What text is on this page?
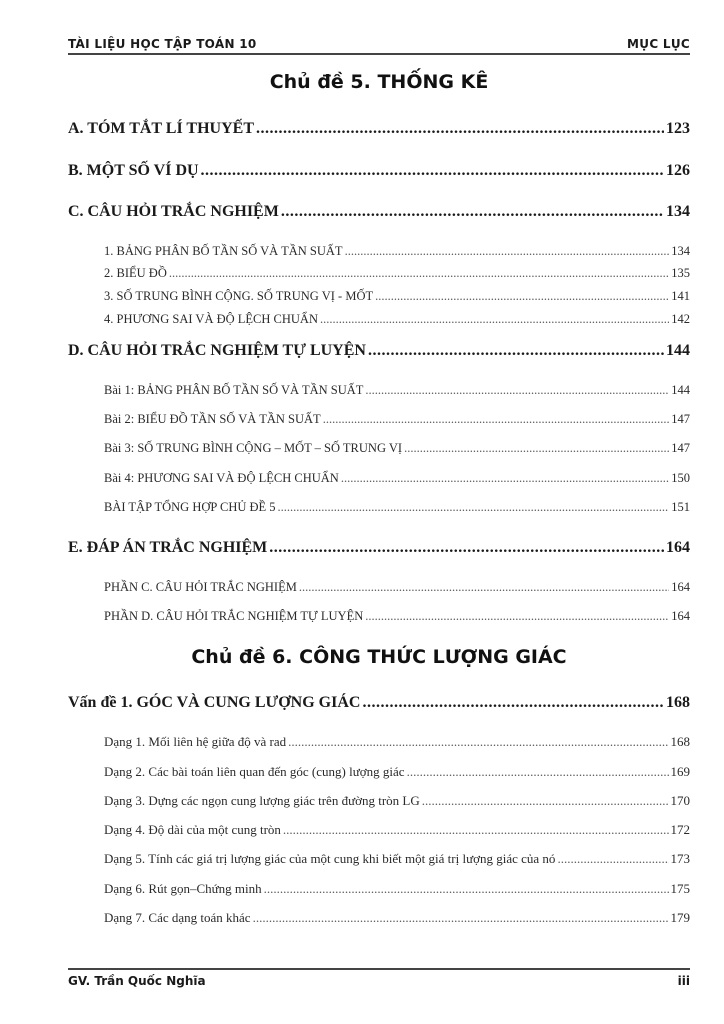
TÀI LIỆU HỌC TẬP TOÁN 10	MỤC LỤC
Chủ đề 5. THỐNG KÊ
A. TÓM TẮT LÍ THUYẾT .....	123
B. MỘT SỐ VÍ DỤ .....	126
C. CÂU HỎI TRẮC NGHIỆM .....	134
1. BẢNG PHÂN BỐ TẦN SỐ VÀ TẦN SUẤT .....	134
2. BIỂU ĐỒ .....	135
3. SỐ TRUNG BÌNH CỘNG. SỐ TRUNG VỊ - MỐT .....	141
4. PHƯƠNG SAI VÀ ĐỘ LỆCH CHUẨN .....	142
D. CÂU HỎI TRẮC NGHIỆM TỰ LUYỆN .....	144
Bài 1: BẢNG PHÂN BỐ TẦN SỐ VÀ TẦN SUẤT .....	144
Bài 2: BIỂU ĐỒ TẦN SỐ VÀ TẦN SUẤT .....	147
Bài 3: SỐ TRUNG BÌNH CỘNG – MỐT – SỐ TRUNG VỊ .....	147
Bài 4: PHƯƠNG SAI VÀ ĐỘ LỆCH CHUẨN .....	150
BÀI TẬP TỔNG HỢP CHỦ ĐỀ 5 .....	151
E. ĐÁP ÁN TRẮC NGHIỆM .....	164
PHẦN C. CÂU HỎI TRẮC NGHIỆM .....	164
PHẦN D. CÂU HỎI TRẮC NGHIỆM TỰ LUYỆN .....	164
Chủ đề 6. CÔNG THỨC LƯỢNG GIÁC
Vấn đề 1. GÓC VÀ CUNG LƯỢNG GIÁC .....	168
Dạng 1. Mối liên hệ giữa độ và rad .....	168
Dạng 2. Các bài toán liên quan đến góc (cung) lượng giác .....	169
Dạng 3. Dựng các ngọn cung lượng giác trên đường tròn LG .....	170
Dạng 4. Độ dài của một cung tròn .....	172
Dạng 5. Tính các giá trị lượng giác của một cung khi biết một giá trị lượng giác của nó .....	173
Dạng 6. Rút gọn–Chứng minh .....	175
Dạng 7. Các dạng toán khác .....	179
GV. Trần Quốc Nghĩa	iii
